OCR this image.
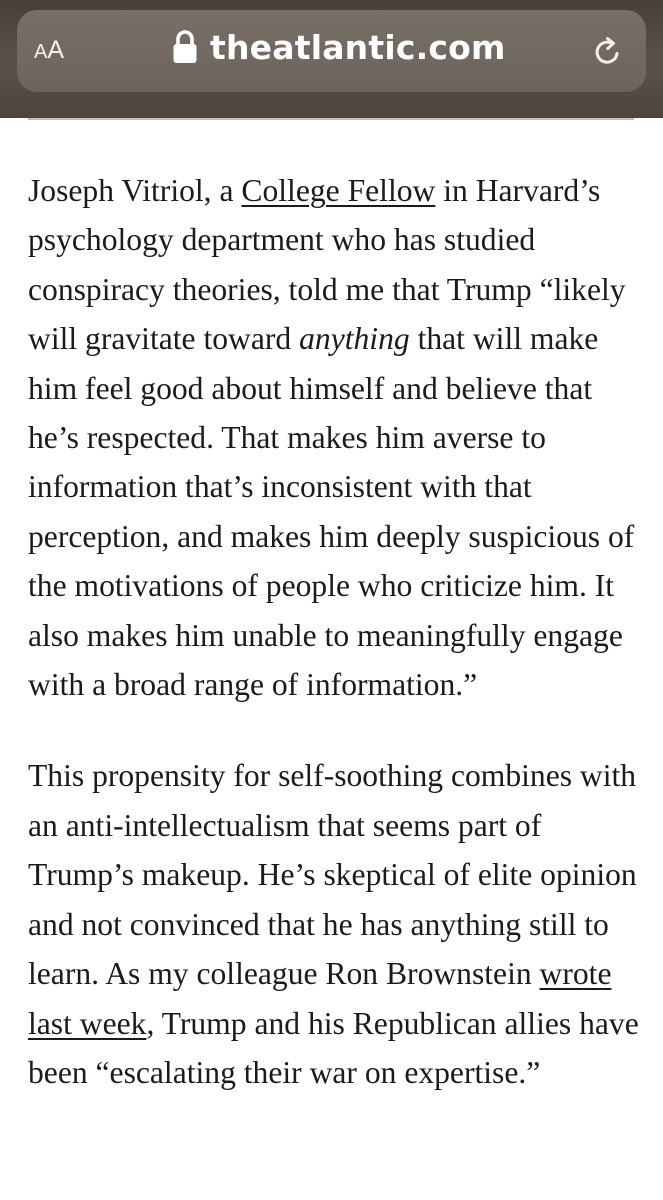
AA	theatlantic.com

Joseph Vitriol, a College Fellow in Harvard’s psychology department who has studied conspiracy theories, told me that Trump “likely will gravitate toward anything that will make him feel good about himself and believe that he’s respected. That makes him averse to information that’s inconsistent with that perception, and makes him deeply suspicious of the motivations of people who criticize him. It also makes him unable to meaningfully engage with a broad range of information.”

This propensity for self-soothing combines with an anti-intellectualism that seems part of Trump’s makeup. He’s skeptical of elite opinion and not convinced that he has anything still to learn. As my colleague Ron Brownstein wrote last week, Trump and his Republican allies have been “escalating their war on expertise.”
